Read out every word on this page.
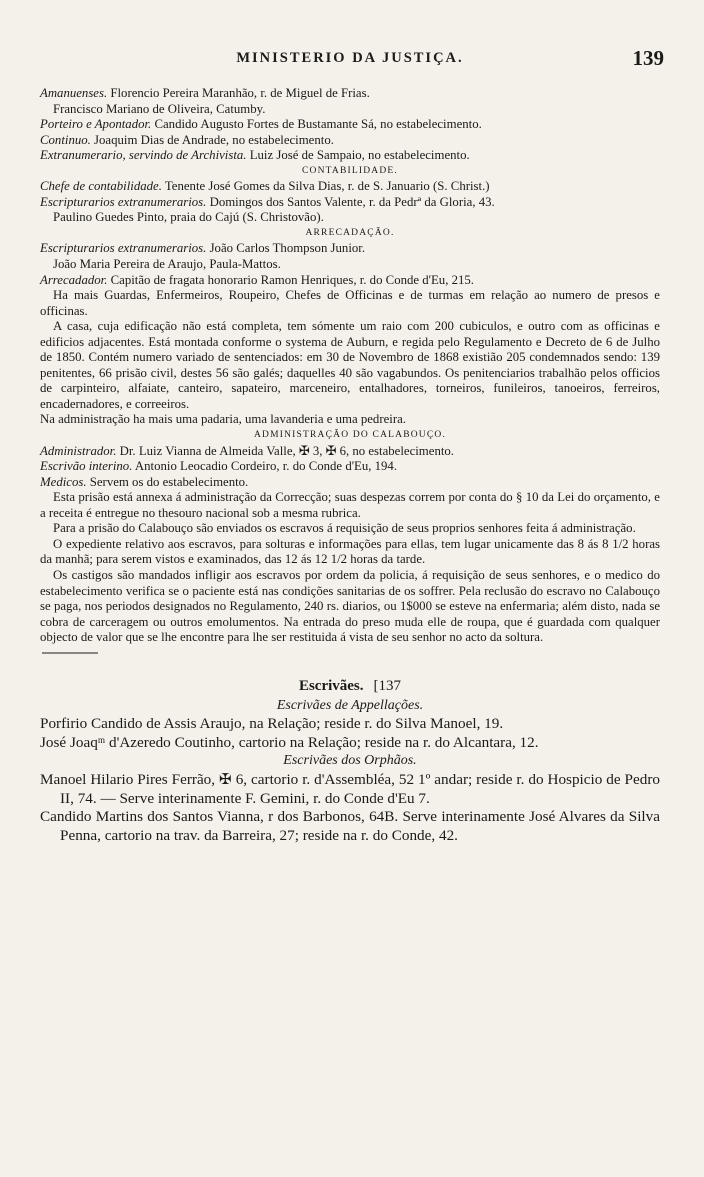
MINISTERIO DA JUSTIÇA.	139

Amanuenses. Florencio Pereira Maranhão, r. de Miguel de Frias.

Francisco Mariano de Oliveira, Catumby.

Porteiro e Apontador. Candido Augusto Fortes de Bustamante Sá, no estabelecimento.

Continuo. Joaquim Dias de Andrade, no estabelecimento.

Extranumerario, servindo de Archivista. Luiz José de Sampaio, no estabelecimento.

CONTABILIDADE.

Chefe de contabilidade. Tenente José Gomes da Silva Dias, r. de S. Januario (S. Christ.)

Escripturarios extranumerarios. Domingos dos Santos Valente, r. da Pedrª da Gloria, 43.

Paulino Guedes Pinto, praia do Cajú (S. Christovão).

ARRECADAÇÃO.

Escripturarios extranumerarios. João Carlos Thompson Junior.

João Maria Pereira de Araujo, Paula-Mattos.

Arrecadador. Capitão de fragata honorario Ramon Henriques, r. do Conde d'Eu, 215.

Ha mais Guardas, Enfermeiros, Roupeiro, Chefes de Officinas e de turmas em relação ao numero de presos e officinas.

A casa, cuja edificação não está completa, tem sómente um raio com 200 cubiculos, e outro com as officinas e edificios adjacentes. Está montada conforme o systema de Auburn, e regida pelo Regulamento e Decreto de 6 de Julho de 1850. Contém numero variado de sentenciados: em 30 de Novembro de 1868 existião 205 condemnados sendo: 139 penitentes, 66 prisão civil, destes 56 são galés; daquelles 40 são vagabundos. Os penitenciarios trabalhão pelos officios de carpinteiro, alfaiate, canteiro, sapateiro, marceneiro, entalhadores, torneiros, funileiros, tanoeiros, ferreiros, encadernadores, e correeiros.

Na administração ha mais uma padaria, uma lavanderia e uma pedreira.

ADMINISTRAÇÃO DO CALABOUÇO.

Administrador. Dr. Luiz Vianna de Almeida Valle, ✠ 3, ✠ 6, no estabelecimento.

Escrivão interino. Antonio Leocadio Cordeiro, r. do Conde d'Eu, 194.

Medicos. Servem os do estabelecimento.

Esta prisão está annexa á administração da Correcção; suas despezas correm por conta do § 10 da Lei do orçamento, e a receita é entregue no thesouro nacional sob a mesma rubrica.

Para a prisão do Calabouço são enviados os escravos á requisição de seus proprios senhores feita á administração.

O expediente relativo aos escravos, para solturas e informações para ellas, tem lugar unicamente das 8 ás 8 1/2 horas da manhã; para serem vistos e examinados, das 12 ás 12 1/2 horas da tarde.

Os castigos são mandados infligir aos escravos por ordem da policia, á requisição de seus senhores, e o medico do estabelecimento verifica se o paciente está nas condições sanitarias de os soffrer. Pela reclusão do escravo no Calabouço se paga, nos periodos designados no Regulamento, 240 rs. diarios, ou 1$000 se esteve na enfermaria; além disto, nada se cobra de carceragem ou outros emolumentos. Na entrada do preso muda elle de roupa, que é guardada com qualquer objecto de valor que se lhe encontre para lhe ser restituida á vista de seu senhor no acto da soltura.

Escrivães. [137

Escrivães de Appellações.

Porfirio Candido de Assis Araujo, na Relação; reside r. do Silva Manoel, 19.

José Joaqᵐ d'Azeredo Coutinho, cartorio na Relação; reside na r. do Alcantara, 12.

Escrivães dos Orphãos.

Manoel Hilario Pires Ferrão, ✠ 6, cartorio r. d'Assembléa, 52 1º andar; reside r. do Hospicio de Pedro II, 74. — Serve interinamente F. Gemini, r. do Conde d'Eu 7.

Candido Martins dos Santos Vianna, r dos Barbonos, 64B. Serve interinamente José Alvares da Silva Penna, cartorio na trav. da Barreira, 27; reside na r. do Conde, 42.
